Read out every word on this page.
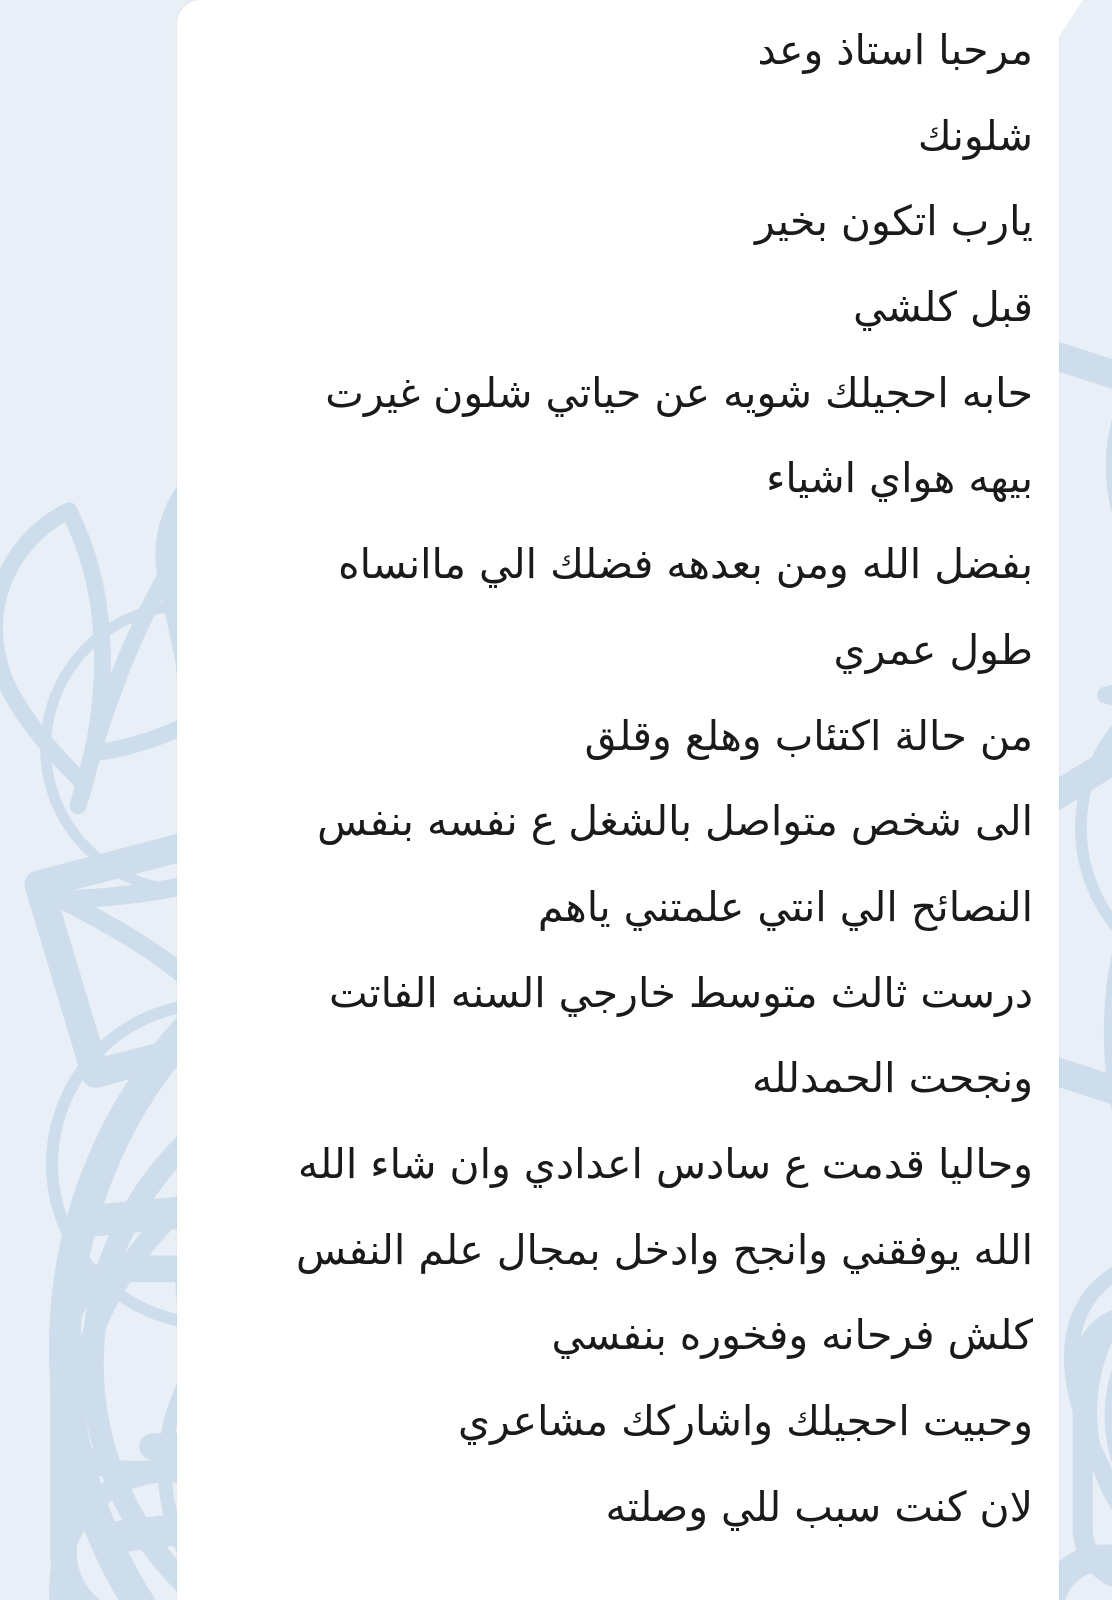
مرحبا استاذ وعد
شلونك
يارب اتكون بخير
قبل كلشي
حابه احجيلك شويه عن حياتي شلون غيرت
بيهه هواي اشياء
بفضل الله ومن بعدهه فضلك الي ماانساه
طول عمري
من حالة اكتئاب وهلع وقلق
الى شخص متواصل بالشغل ع نفسه بنفس
النصائح الي انتي علمتني ياهم
درست ثالث متوسط خارجي السنه الفاتت
ونجحت الحمدلله
وحاليا قدمت ع سادس اعدادي وان شاء الله
الله يوفقني وانجح وادخل بمجال علم النفس
كلش فرحانه وفخوره بنفسي
وحبيت احجيلك واشاركك مشاعري
لان كنت سبب للي وصلته
